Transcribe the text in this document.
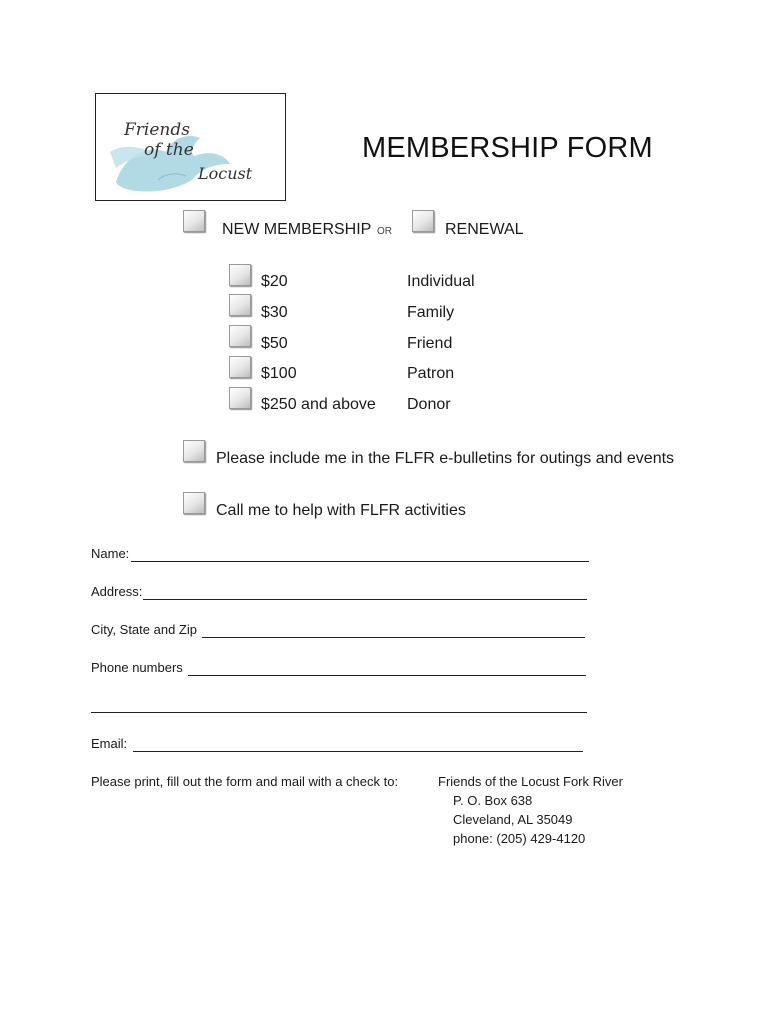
Friends
of the
Locust
MEMBERSHIP FORM
NEW MEMBERSHIP OR	RENEWAL
$20	Individual
$30	Family
$50	Friend
$100	Patron
$250 and above Donor
Please include me in the FLFR e-bulletins for outings and events
Call me to help with FLFR activities
Name:
Address:
City, State and Zip
Phone numbers
Email:
Please print, fill out the form and mail with a check to:	Friends of the Locust Fork River
P. O. Box 638
Cleveland, AL 35049
phone: (205) 429-4120
